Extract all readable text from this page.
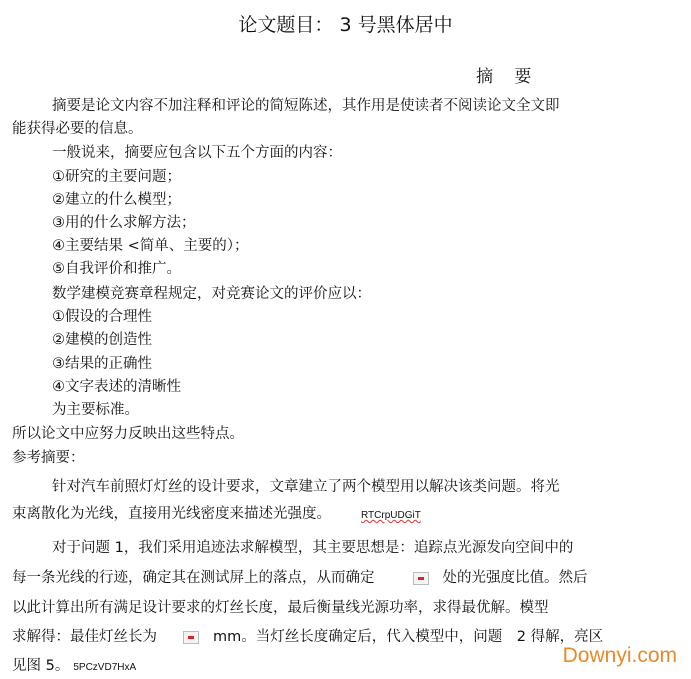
论文题目： 3 号黑体居中
摘 要
摘要是论文内容不加注释和评论的简短陈述，其作用是使读者不阅读论文全文即
能获得必要的信息。
一般说来，摘要应包含以下五个方面的内容：
①研究的主要问题；
②建立的什么模型；
③用的什么求解方法；
④主要结果 <简单、主要的）；
⑤自我评价和推广。
数学建模竞赛章程规定，对竞赛论文的评价应以：
①假设的合理性
②建模的创造性
③结果的正确性
④文字表述的清晰性
为主要标准。
所以论文中应努力反映出这些特点。
参考摘要：
针对汽车前照灯灯丝的设计要求，文章建立了两个模型用以解决该类问题。将光
束离散化为光线，直接用光线密度来描述光强度。	RTCrpUDGiT
对于问题 1，我们采用追迹法求解模型，其主要思想是：追踪点光源发向空间中的
每一条光线的行迹，确定其在测试屏上的落点，从而确定	处的光强度比值。然后
以此计算出所有满足设计要求的灯丝长度，最后衡量线光源功率，求得最优解。模型
求解得：最佳灯丝长为	mm。当灯丝长度确定后，代入模型中，问题　2 得解，亮区
见图 5。 5PCzVD7HxA
Downyi.com
